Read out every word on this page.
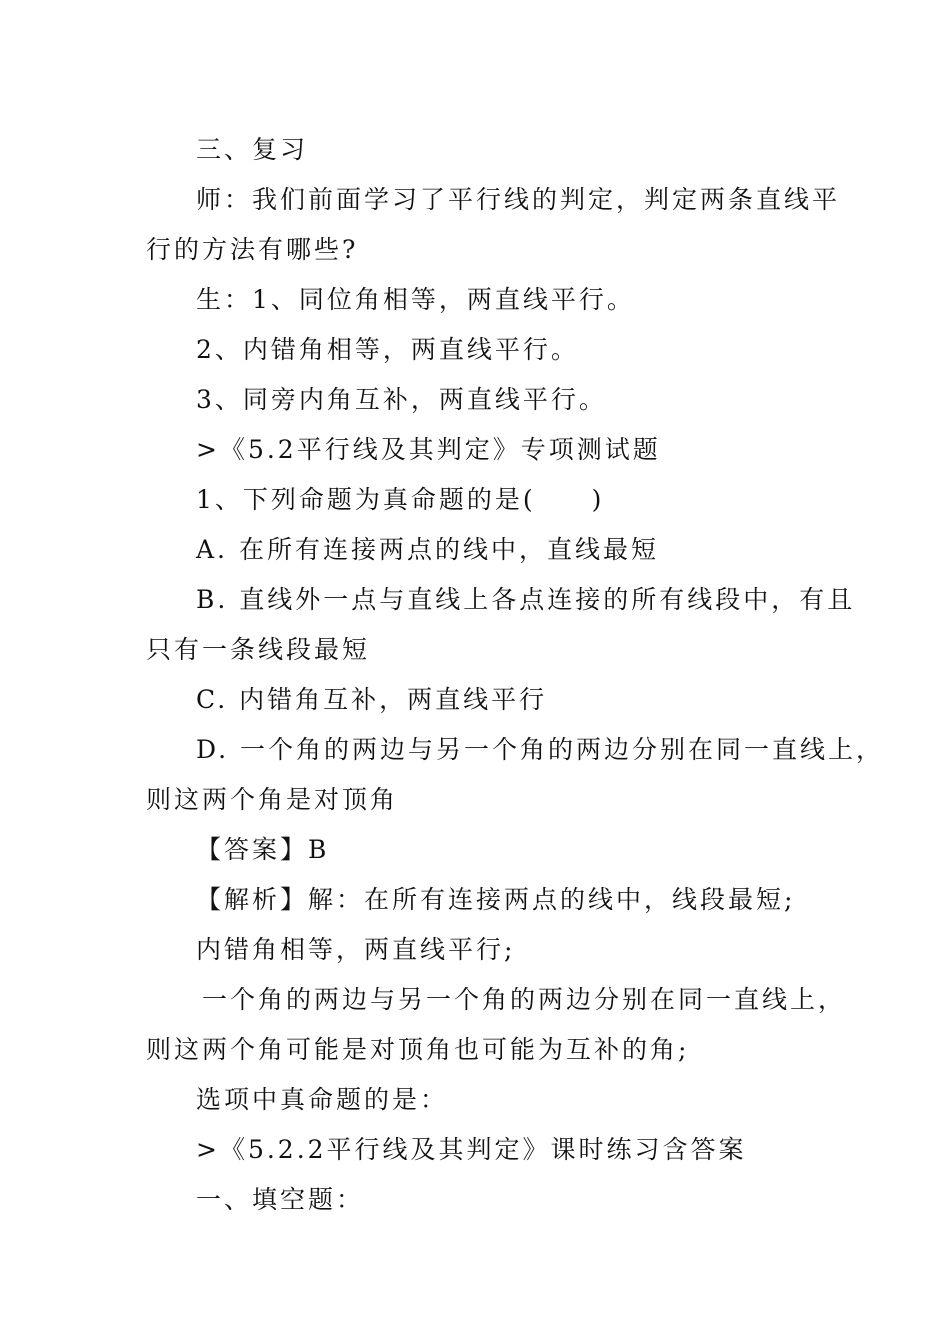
三、复习

师：我们前面学习了平行线的判定，判定两条直线平

行的方法有哪些?

生：1、同位角相等，两直线平行。

2、内错角相等，两直线平行。

3、同旁内角互补，两直线平行。

>《5.2平行线及其判定》专项测试题

1、下列命题为真命题的是(　　)

A. 在所有连接两点的线中，直线最短

B. 直线外一点与直线上各点连接的所有线段中，有且

只有一条线段最短

C. 内错角互补，两直线平行

D. 一个角的两边与另一个角的两边分别在同一直线上，

则这两个角是对顶角

【答案】B

【解析】解：在所有连接两点的线中，线段最短;

内错角相等，两直线平行;

一个角的两边与另一个角的两边分别在同一直线上，

则这两个角可能是对顶角也可能为互补的角;

选项中真命题的是：

>《5.2.2平行线及其判定》课时练习含答案

一、填空题：
